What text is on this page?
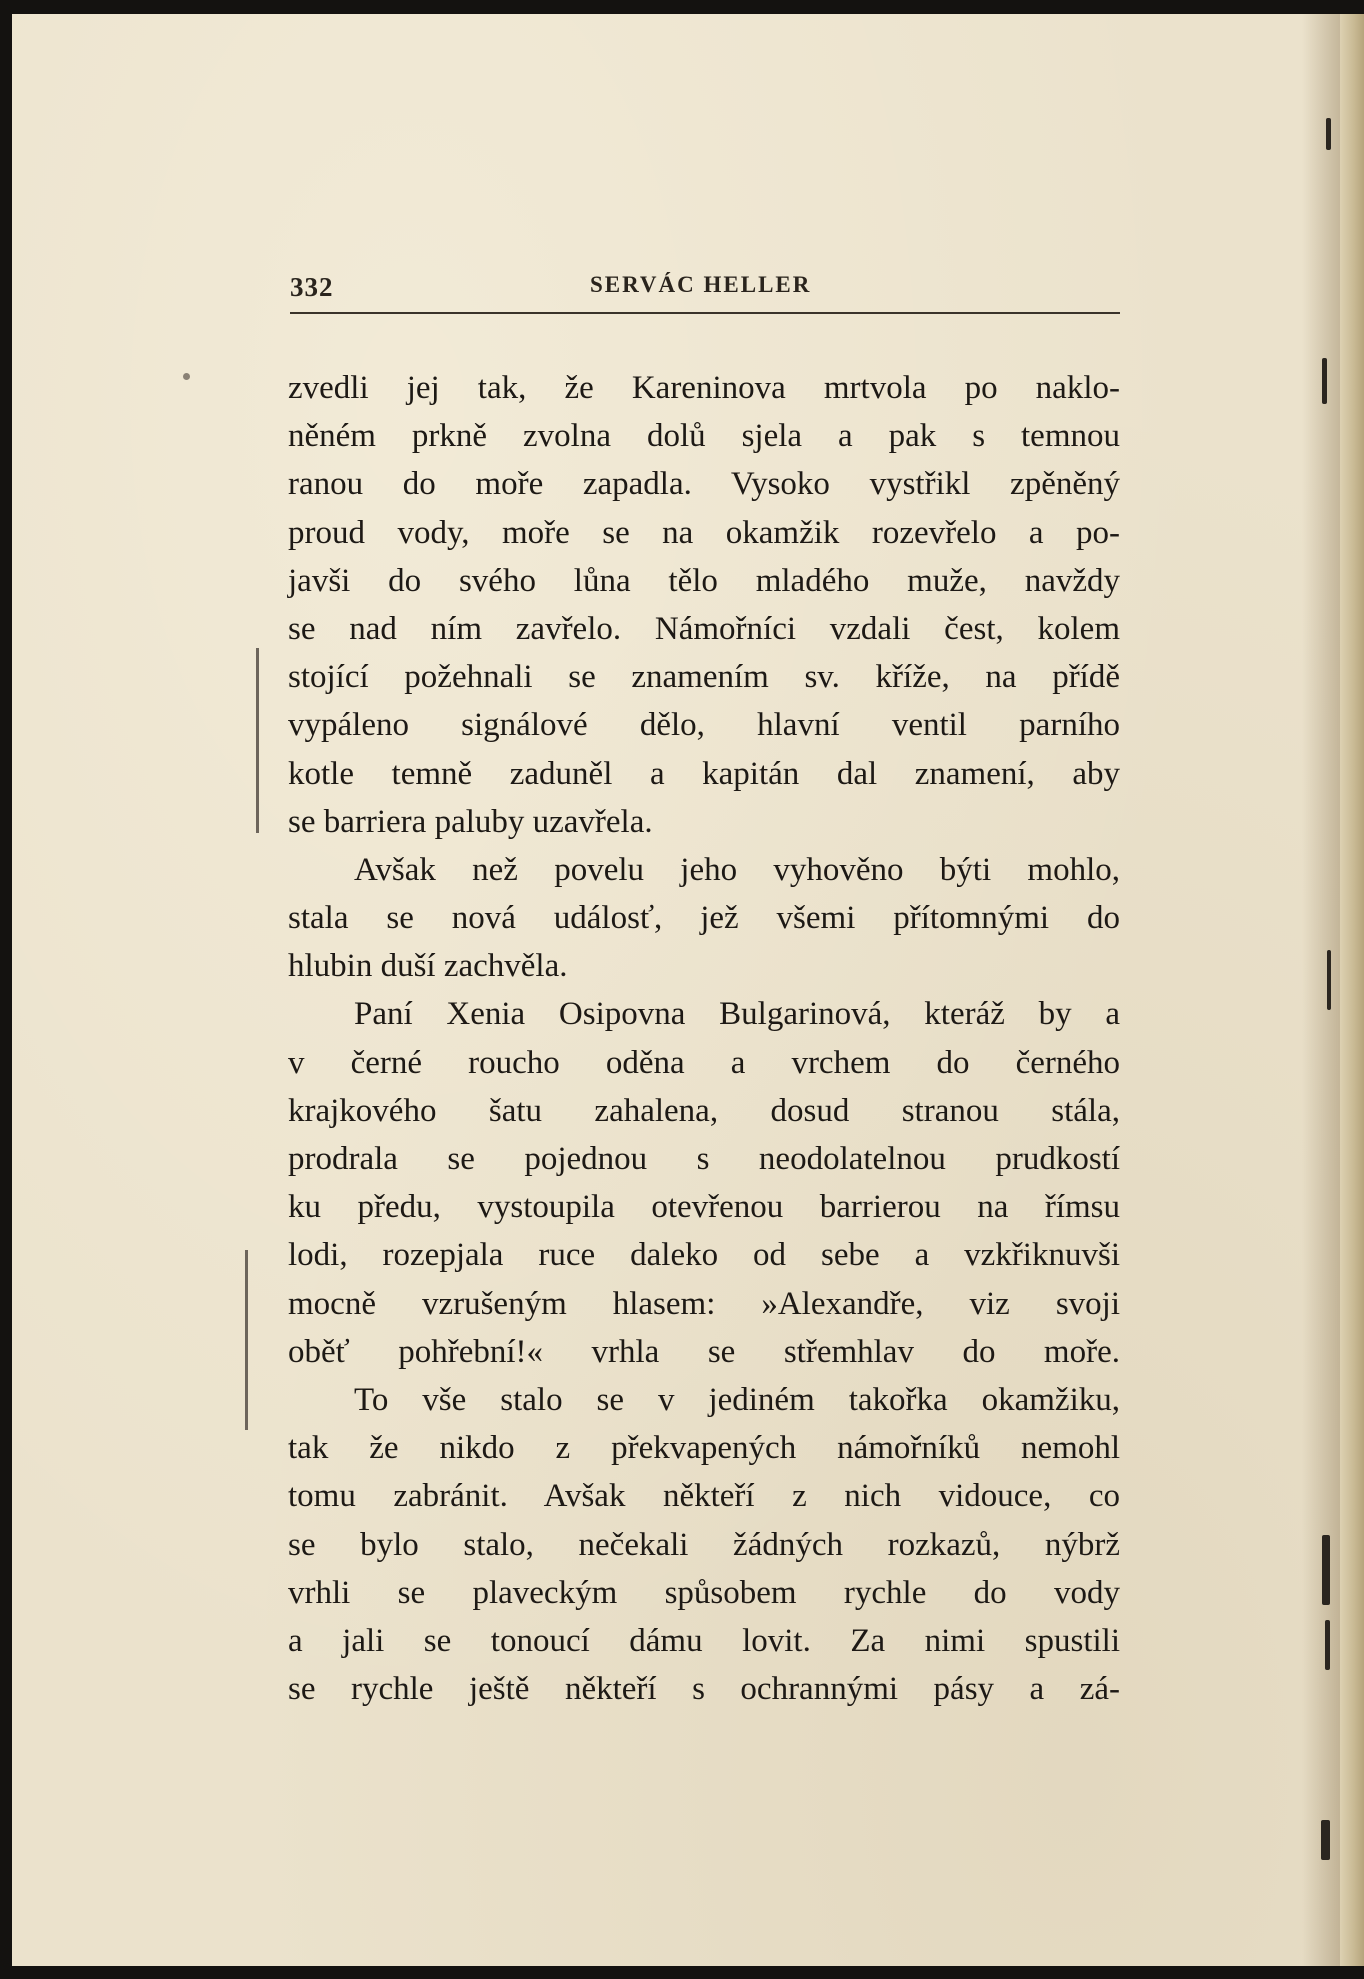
332	SERVÁC HELLER
zvedli jej tak, že Kareninova mrtvola po naklo-
něném prkně zvolna dolů sjela a pak s temnou
ranou do moře zapadla. Vysoko vystřikl zpěněný
proud vody, moře se na okamžik rozevřelo a po-
javši do svého lůna tělo mladého muže, navždy
se nad ním zavřelo. Námořníci vzdali čest, kolem
stojící požehnali se znamením sv. kříže, na přídě
vypáleno signálové dělo, hlavní ventil parního
kotle temně zaduněl a kapitán dal znamení, aby
se barriera paluby uzavřela.
Avšak než povelu jeho vyhověno býti mohlo,
stala se nová událosť, jež všemi přítomnými do
hlubin duší zachvěla.
Paní Xenia Osipovna Bulgarinová, kteráž by a
v černé roucho oděna a vrchem do černého
krajkového šatu zahalena, dosud stranou stála,
prodrala se pojednou s neodolatelnou prudkostí
ku předu, vystoupila otevřenou barrierou na římsu
lodi, rozepjala ruce daleko od sebe a vzkřiknuvši
mocně vzrušeným hlasem: »Alexandře, viz svoji
oběť pohřební!« vrhla se střemhlav do moře.
To vše stalo se v jediném takořka okamžiku,
tak že nikdo z překvapených námořníků nemohl
tomu zabránit. Avšak někteří z nich vidouce, co
se bylo stalo, nečekali žádných rozkazů, nýbrž
vrhli se plaveckým spůsobem rychle do vody
a jali se tonoucí dámu lovit. Za nimi spustili
se rychle ještě někteří s ochrannými pásy a zá-
